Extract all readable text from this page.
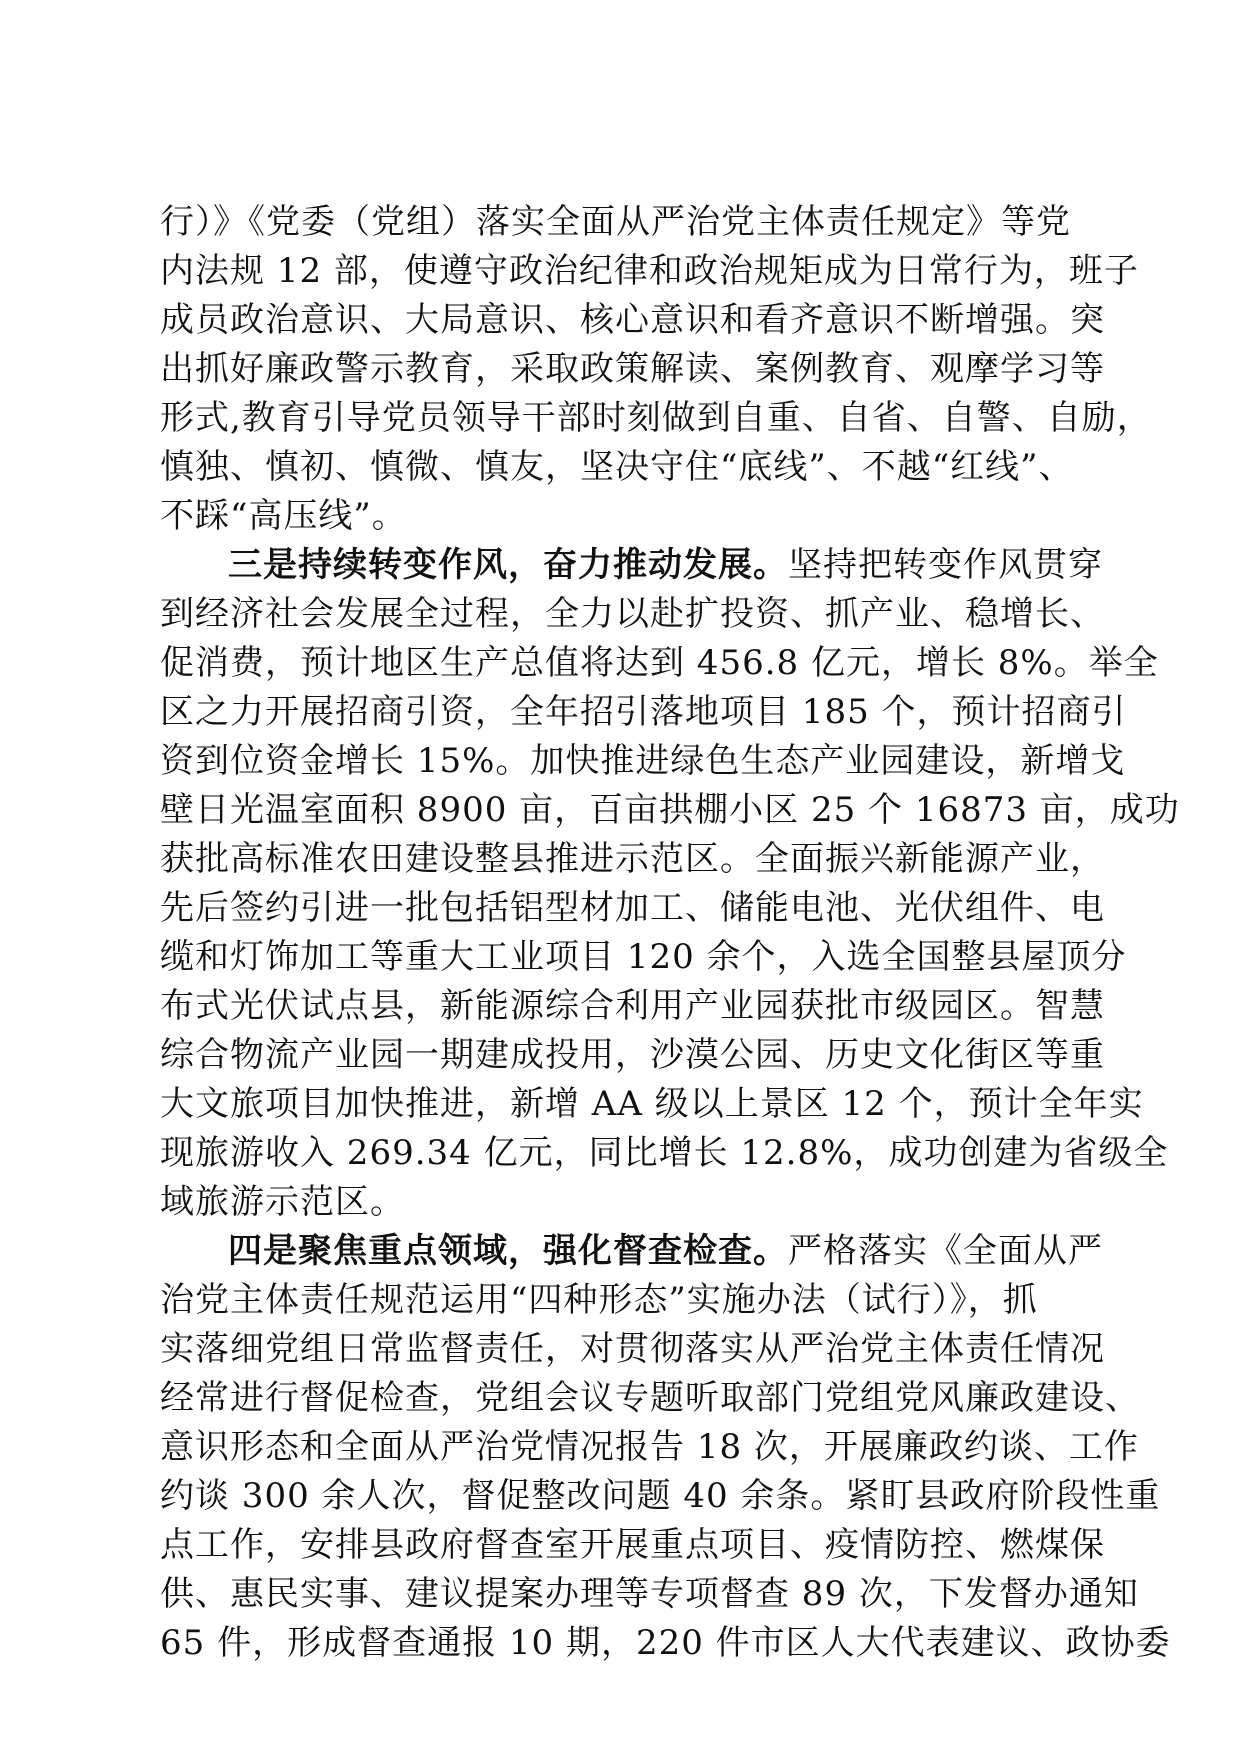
行）》《党委（党组）落实全面从严治党主体责任规定》等党
内法规 12 部，使遵守政治纪律和政治规矩成为日常行为，班子
成员政治意识、大局意识、核心意识和看齐意识不断增强。突
出抓好廉政警示教育，采取政策解读、案例教育、观摩学习等
形式,教育引导党员领导干部时刻做到自重、自省、自警、自励，
慎独、慎初、慎微、慎友，坚决守住“底线”、不越“红线”、
不踩“高压线”。
三是持续转变作风，奋力推动发展。坚持把转变作风贯穿
到经济社会发展全过程，全力以赴扩投资、抓产业、稳增长、
促消费，预计地区生产总值将达到 456.8 亿元，增长 8%。举全
区之力开展招商引资，全年招引落地项目 185 个，预计招商引
资到位资金增长 15%。加快推进绿色生态产业园建设，新增戈
壁日光温室面积 8900 亩，百亩拱棚小区 25 个 16873 亩，成功
获批高标准农田建设整县推进示范区。全面振兴新能源产业，
先后签约引进一批包括铝型材加工、储能电池、光伏组件、电
缆和灯饰加工等重大工业项目 120 余个，入选全国整县屋顶分
布式光伏试点县，新能源综合利用产业园获批市级园区。智慧
综合物流产业园一期建成投用，沙漠公园、历史文化街区等重
大文旅项目加快推进，新增 AA 级以上景区 12 个，预计全年实
现旅游收入 269.34 亿元，同比增长 12.8%，成功创建为省级全
域旅游示范区。
四是聚焦重点领域，强化督查检查。严格落实《全面从严
治党主体责任规范运用“四种形态”实施办法（试行）》，抓
实落细党组日常监督责任，对贯彻落实从严治党主体责任情况
经常进行督促检查，党组会议专题听取部门党组党风廉政建设、
意识形态和全面从严治党情况报告 18 次，开展廉政约谈、工作
约谈 300 余人次，督促整改问题 40 余条。紧盯县政府阶段性重
点工作，安排县政府督查室开展重点项目、疫情防控、燃煤保
供、惠民实事、建议提案办理等专项督查 89 次，下发督办通知
65 件，形成督查通报 10 期，220 件市区人大代表建议、政协委
